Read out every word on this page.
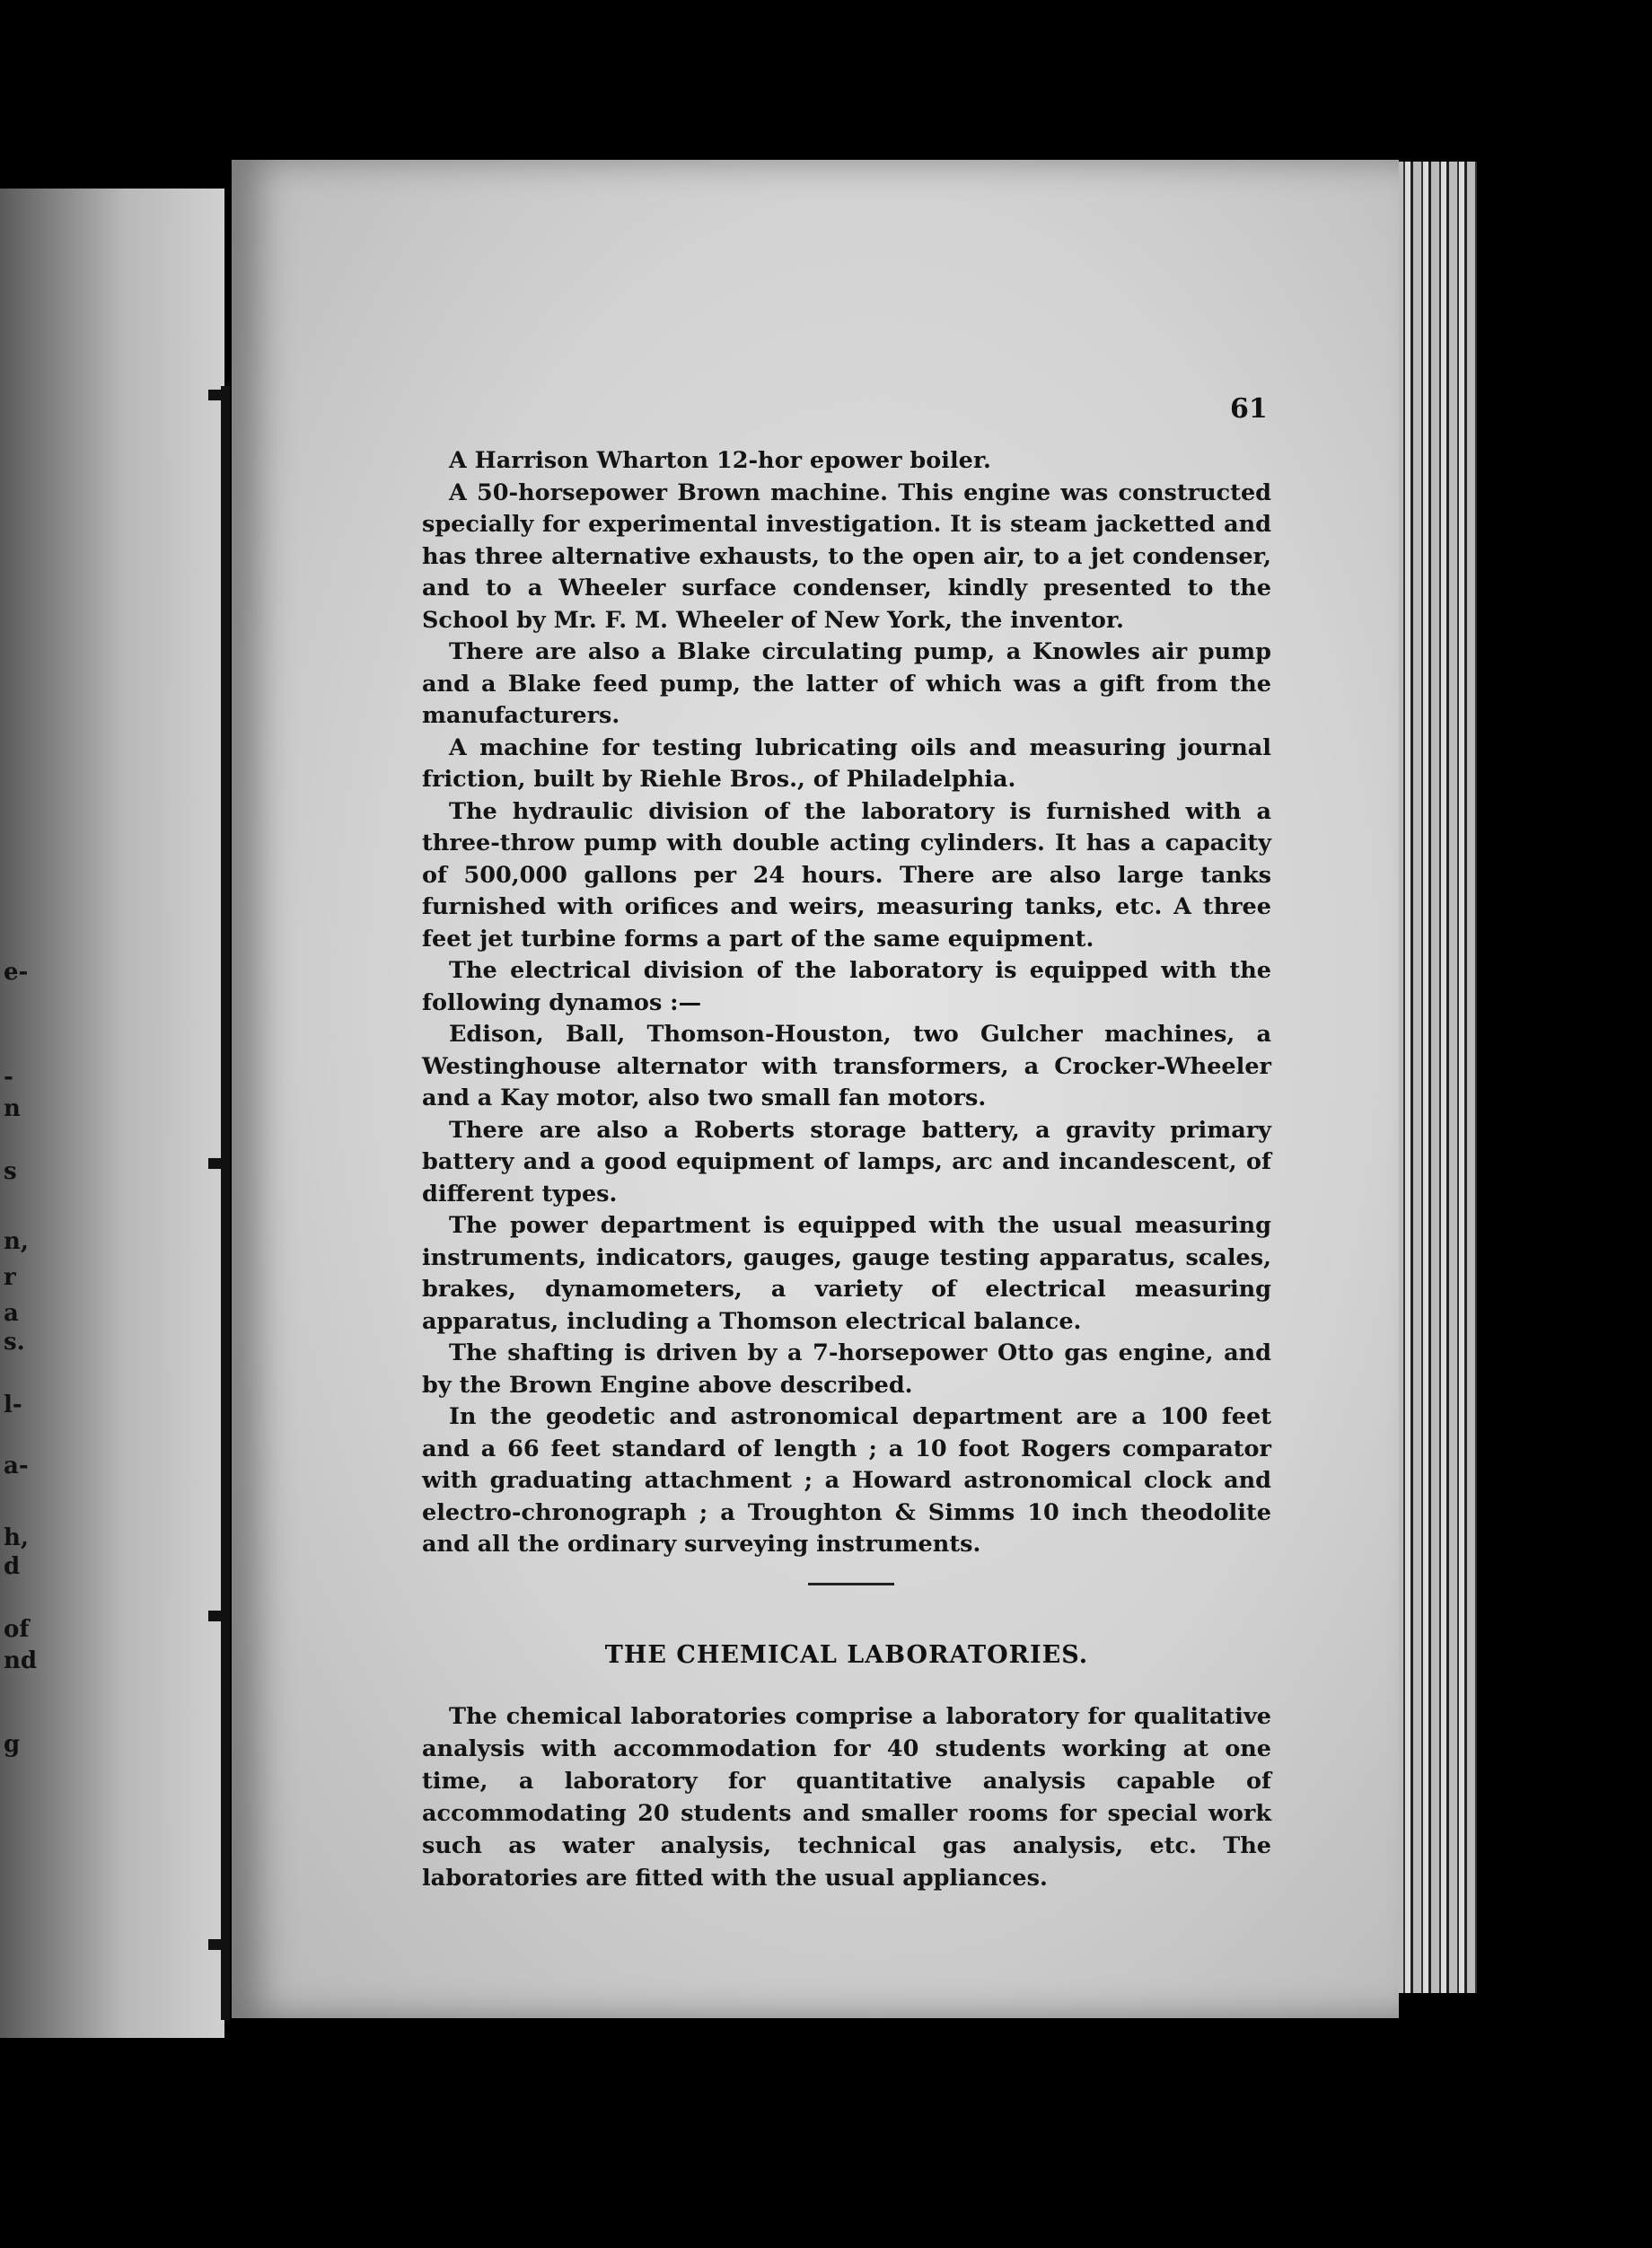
e-
-
n
s
n,
r
a
s.
l-
a-
h,
d
of
nd
g
61

A Harrison Wharton 12-hor epower boiler.

A 50-horsepower Brown machine. This engine was constructed specially for experimental investigation. It is steam jacketted and has three alternative exhausts, to the open air, to a jet condenser, and to a Wheeler surface condenser, kindly presented to the School by Mr. F. M. Wheeler of New York, the inventor.

There are also a Blake circulating pump, a Knowles air pump and a Blake feed pump, the latter of which was a gift from the manufacturers.

A machine for testing lubricating oils and measuring journal friction, built by Riehle Bros., of Philadelphia.

The hydraulic division of the laboratory is furnished with a three-throw pump with double acting cylinders. It has a capacity of 500,000 gallons per 24 hours. There are also large tanks furnished with orifices and weirs, measuring tanks, etc. A three feet jet turbine forms a part of the same equipment.

The electrical division of the laboratory is equipped with the following dynamos :—

Edison, Ball, Thomson-Houston, two Gulcher machines, a Westinghouse alternator with transformers, a Crocker-Wheeler and a Kay motor, also two small fan motors.

There are also a Roberts storage battery, a gravity primary battery and a good equipment of lamps, arc and incandescent, of different types.

The power department is equipped with the usual measuring instruments, indicators, gauges, gauge testing apparatus, scales, brakes, dynamometers, a variety of electrical measuring apparatus, including a Thomson electrical balance.

The shafting is driven by a 7-horsepower Otto gas engine, and by the Brown Engine above described.

In the geodetic and astronomical department are a 100 feet and a 66 feet standard of length ; a 10 foot Rogers comparator with graduating attachment ; a Howard astronomical clock and electro-chronograph ; a Troughton & Simms 10 inch theodolite and all the ordinary surveying instruments.

THE CHEMICAL LABORATORIES.

The chemical laboratories comprise a laboratory for qualitative analysis with accommodation for 40 students working at one time, a laboratory for quantitative analysis capable of accommodating 20 students and smaller rooms for special work such as water analysis, technical gas analysis, etc. The laboratories are fitted with the usual appliances.
